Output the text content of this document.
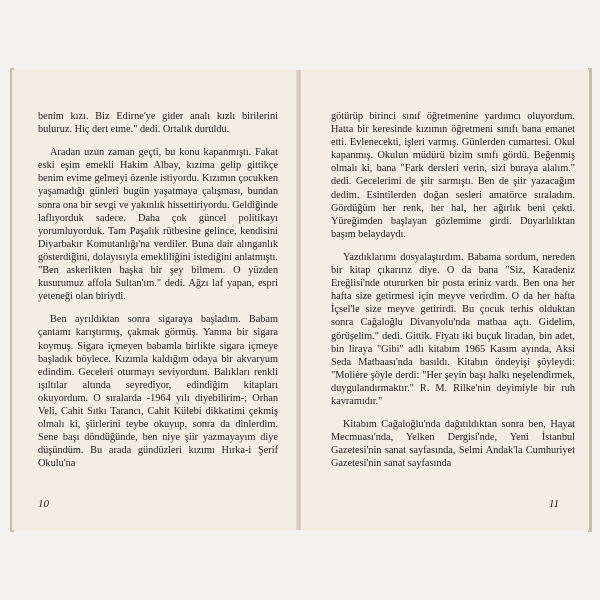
benim kızı. Biz Edirne'ye gider analı kızlı birilerini buluruz. Hiç dert etme." dedi. Ortalık duruldu.

Aradan uzun zaman geçti, bu konu kapanmıştı. Fakat eski eşim emekli Hakim Albay, kızıma gelip gittikçe benim evime gelmeyi özenle istiyordu. Kızımın çocukken yaşamadığı günleri bugün yaşatmaya çalışması, bundan sonra ona bir sevgi ve yakınlık hissettiriyordu. Geldiğinde laflıyorduk sadece. Daha çok güncel politikayı yorumluyorduk. Tam Paşalık rütbesine gelince, kendisini Diyarbakır Komutanlığı'na verdiler. Buna dair alınganlık gösterdiğini, dolayısıyla emekliliğini istediğini anlatmıştı. "Ben askerlikten başka bir şey bilmem. O yüzden kusurumuz affola Sultan'ım." dedi. Ağzı laf yapan, espri yeteneği olan biriydi.

Ben ayrıldıktan sonra sigaraya başladım. Babam çantamı karıştırmış, çakmak görmüş. Yanına bir sigara koymuş. Sigara içmeyen babamla birlikte sigara içmeye başladık böylece. Kızımla kaldığım odaya bir akvaryum edindim. Geceleri oturmayı seviyordum. Balıkları renkli ışıltılar altında seyrediyor, edindiğim kitapları okuyordum. O sıralarda -1964 yılı diyebilirim-; Orhan Veli, Cahit Sıtkı Tarancı, Cahit Külebi dikkatimi çekmiş olmalı ki, şiirlerini teybe okuyup, sonra da dinlerdim. Sene başı döndüğünde, ben niye şiir yazmayayım diye düşündüm. Bu arada gündüzleri kızımı Hırka-i Şerif Okulu'na

10

götürüp birinci sınıf öğretmenine yardımcı oluyordum. Hatta bir keresinde kızımın öğretmeni sınıfı bana emanet etti. Evlenecekti, işleri varmış. Günlerden cumartesi. Okul kapanmış. Okulun müdürü bizim sınıfı gördü. Beğenmiş olmalı ki, bana "Fark dersleri verin, sizi buraya alalım." dedi. Gecelerimi de şiir sarmıştı. Ben de şiir yazacağım dedim. Esintilerden doğan sesleri amatörce sıraladım. Gördüğüm her renk, her hal, her ağırlık beni çekti. Yüreğimden başlayan gözlemime girdi. Duyarlılıktan başım belaydaydı.

Yazdıklarımı dosyalaştırdım. Babama sordum, nereden bir kitap çıkarırız diye. O da bana "Siz, Karadeniz Ereğlisi'nde otururken bir posta eriniz vardı. Ben ona her hafta size getirmesi için meyve verirdim. O da her hafta İçsel'le size meyve getirirdi. Bu çocuk terhis olduktan sonra Cağaloğlu Divanyolu'nda matbaa açtı. Gidelim, görüşelim." dedi. Gittik. Fiyatı iki buçuk liradan, bin adet, bin liraya "Gibi" adlı kitabım 1965 Kasım ayında, Aksi Seda Matbaası'nda basıldı. Kitabın öndeyişi şöyleydi: "Molière şöyle derdi: "Her şeyin başı halkı neşelendirmek, duygulandırmaktır." R. M. Rilke'nin deyimiyle bir ruh kavramıdır."

Kitabım Cağaloğlu'nda dağıtıldıktan sonra ben, Hayat Mecmuası'nda, Yelken Dergisi'nde, Yeni İstanbul Gazetesi'nin sanat sayfasında, Selmi Andak'la Cumhuriyet Gazetesi'nin sanat sayfasında

11
